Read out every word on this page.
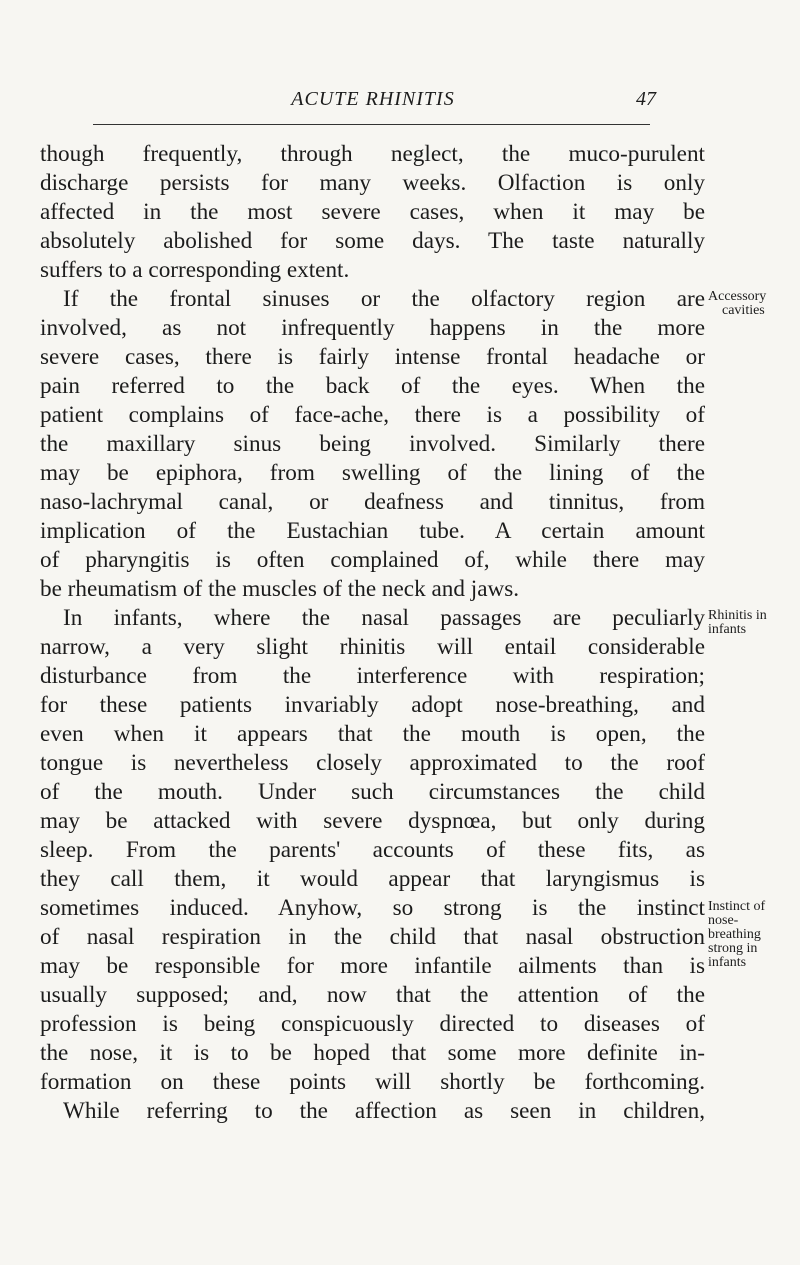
ACUTE RHINITIS	47
though frequently, through neglect, the muco-purulent
discharge persists for many weeks. Olfaction is only
affected in the most severe cases, when it may be
absolutely abolished for some days. The taste naturally
suffers to a corresponding extent.
If the frontal sinuses or the olfactory region are
involved, as not infrequently happens in the more
severe cases, there is fairly intense frontal headache or
pain referred to the back of the eyes. When the
patient complains of face-ache, there is a possibility of
the maxillary sinus being involved. Similarly there
may be epiphora, from swelling of the lining of the
naso-lachrymal canal, or deafness and tinnitus, from
implication of the Eustachian tube. A certain amount
of pharyngitis is often complained of, while there may
be rheumatism of the muscles of the neck and jaws.
In infants, where the nasal passages are peculiarly
narrow, a very slight rhinitis will entail considerable
disturbance from the interference with respiration;
for these patients invariably adopt nose-breathing, and
even when it appears that the mouth is open, the
tongue is nevertheless closely approximated to the roof
of the mouth. Under such circumstances the child
may be attacked with severe dyspnœa, but only during
sleep. From the parents' accounts of these fits, as
they call them, it would appear that laryngismus is
sometimes induced. Anyhow, so strong is the instinct
of nasal respiration in the child that nasal obstruction
may be responsible for more infantile ailments than is
usually supposed; and, now that the attention of the
profession is being conspicuously directed to diseases of
the nose, it is to be hoped that some more definite in-
formation on these points will shortly be forthcoming.
While referring to the affection as seen in children,
Accessory
cavities
Rhinitis in
infants
Instinct of
nose-
breathing
strong in
infants
